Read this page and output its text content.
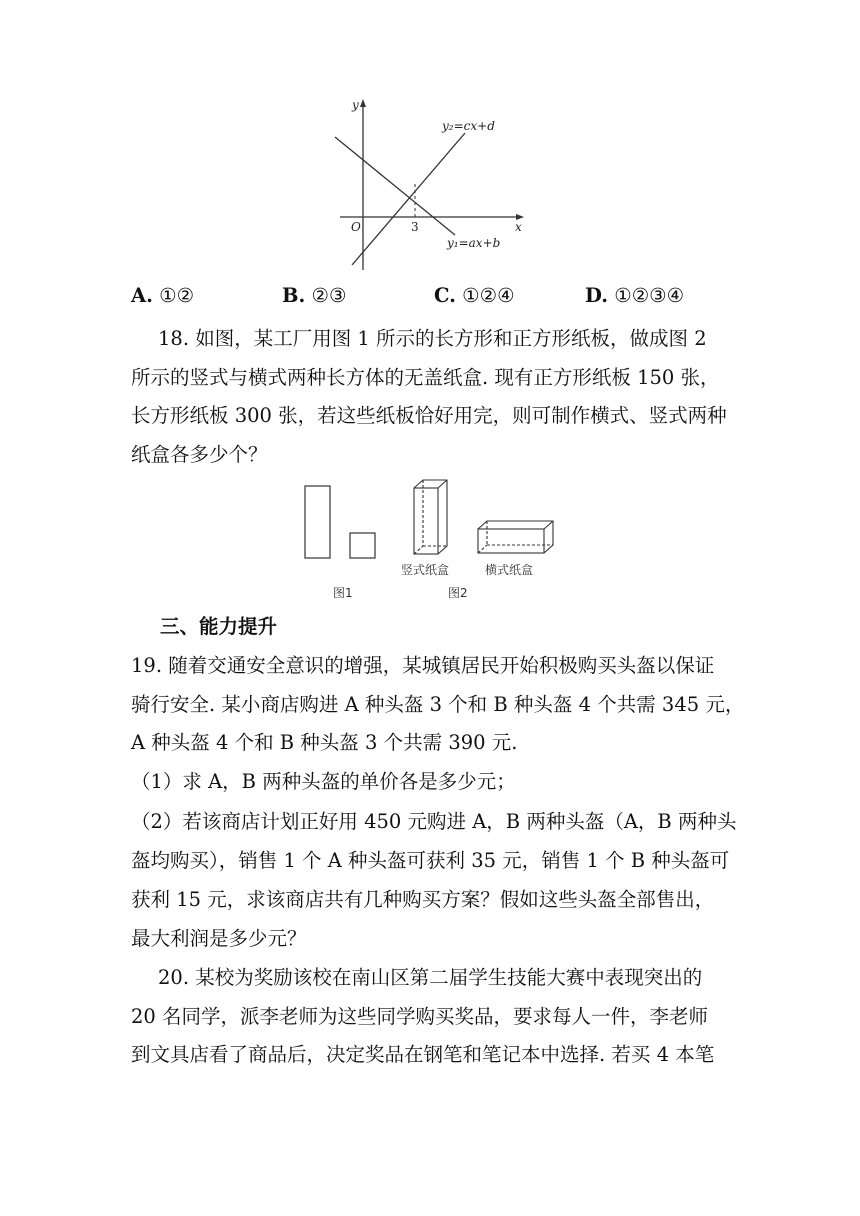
y
x
O	3
y₂=cx+d
y₁=ax+b
A. ①②	B. ②③	C. ①②④	D. ①②③④
18. 如图，某工厂用图 1 所示的长方形和正方形纸板，做成图 2
所示的竖式与横式两种长方体的无盖纸盒. 现有正方形纸板 150 张，
长方形纸板 300 张，若这些纸板恰好用完，则可制作横式、竖式两种
纸盒各多少个？
竖式纸盒	横式纸盒
图1	图2
三、能力提升
19. 随着交通安全意识的增强，某城镇居民开始积极购买头盔以保证
骑行安全. 某小商店购进 A 种头盔 3 个和 B 种头盔 4 个共需 345 元，
A 种头盔 4 个和 B 种头盔 3 个共需 390 元.
（1）求 A，B 两种头盔的单价各是多少元；
（2）若该商店计划正好用 450 元购进 A，B 两种头盔（A，B 两种头
盔均购买），销售 1 个 A 种头盔可获利 35 元，销售 1 个 B 种头盔可
获利 15 元，求该商店共有几种购买方案？假如这些头盔全部售出，
最大利润是多少元？
20. 某校为奖励该校在南山区第二届学生技能大赛中表现突出的
20 名同学，派李老师为这些同学购买奖品，要求每人一件，李老师
到文具店看了商品后，决定奖品在钢笔和笔记本中选择. 若买 4 本笔
